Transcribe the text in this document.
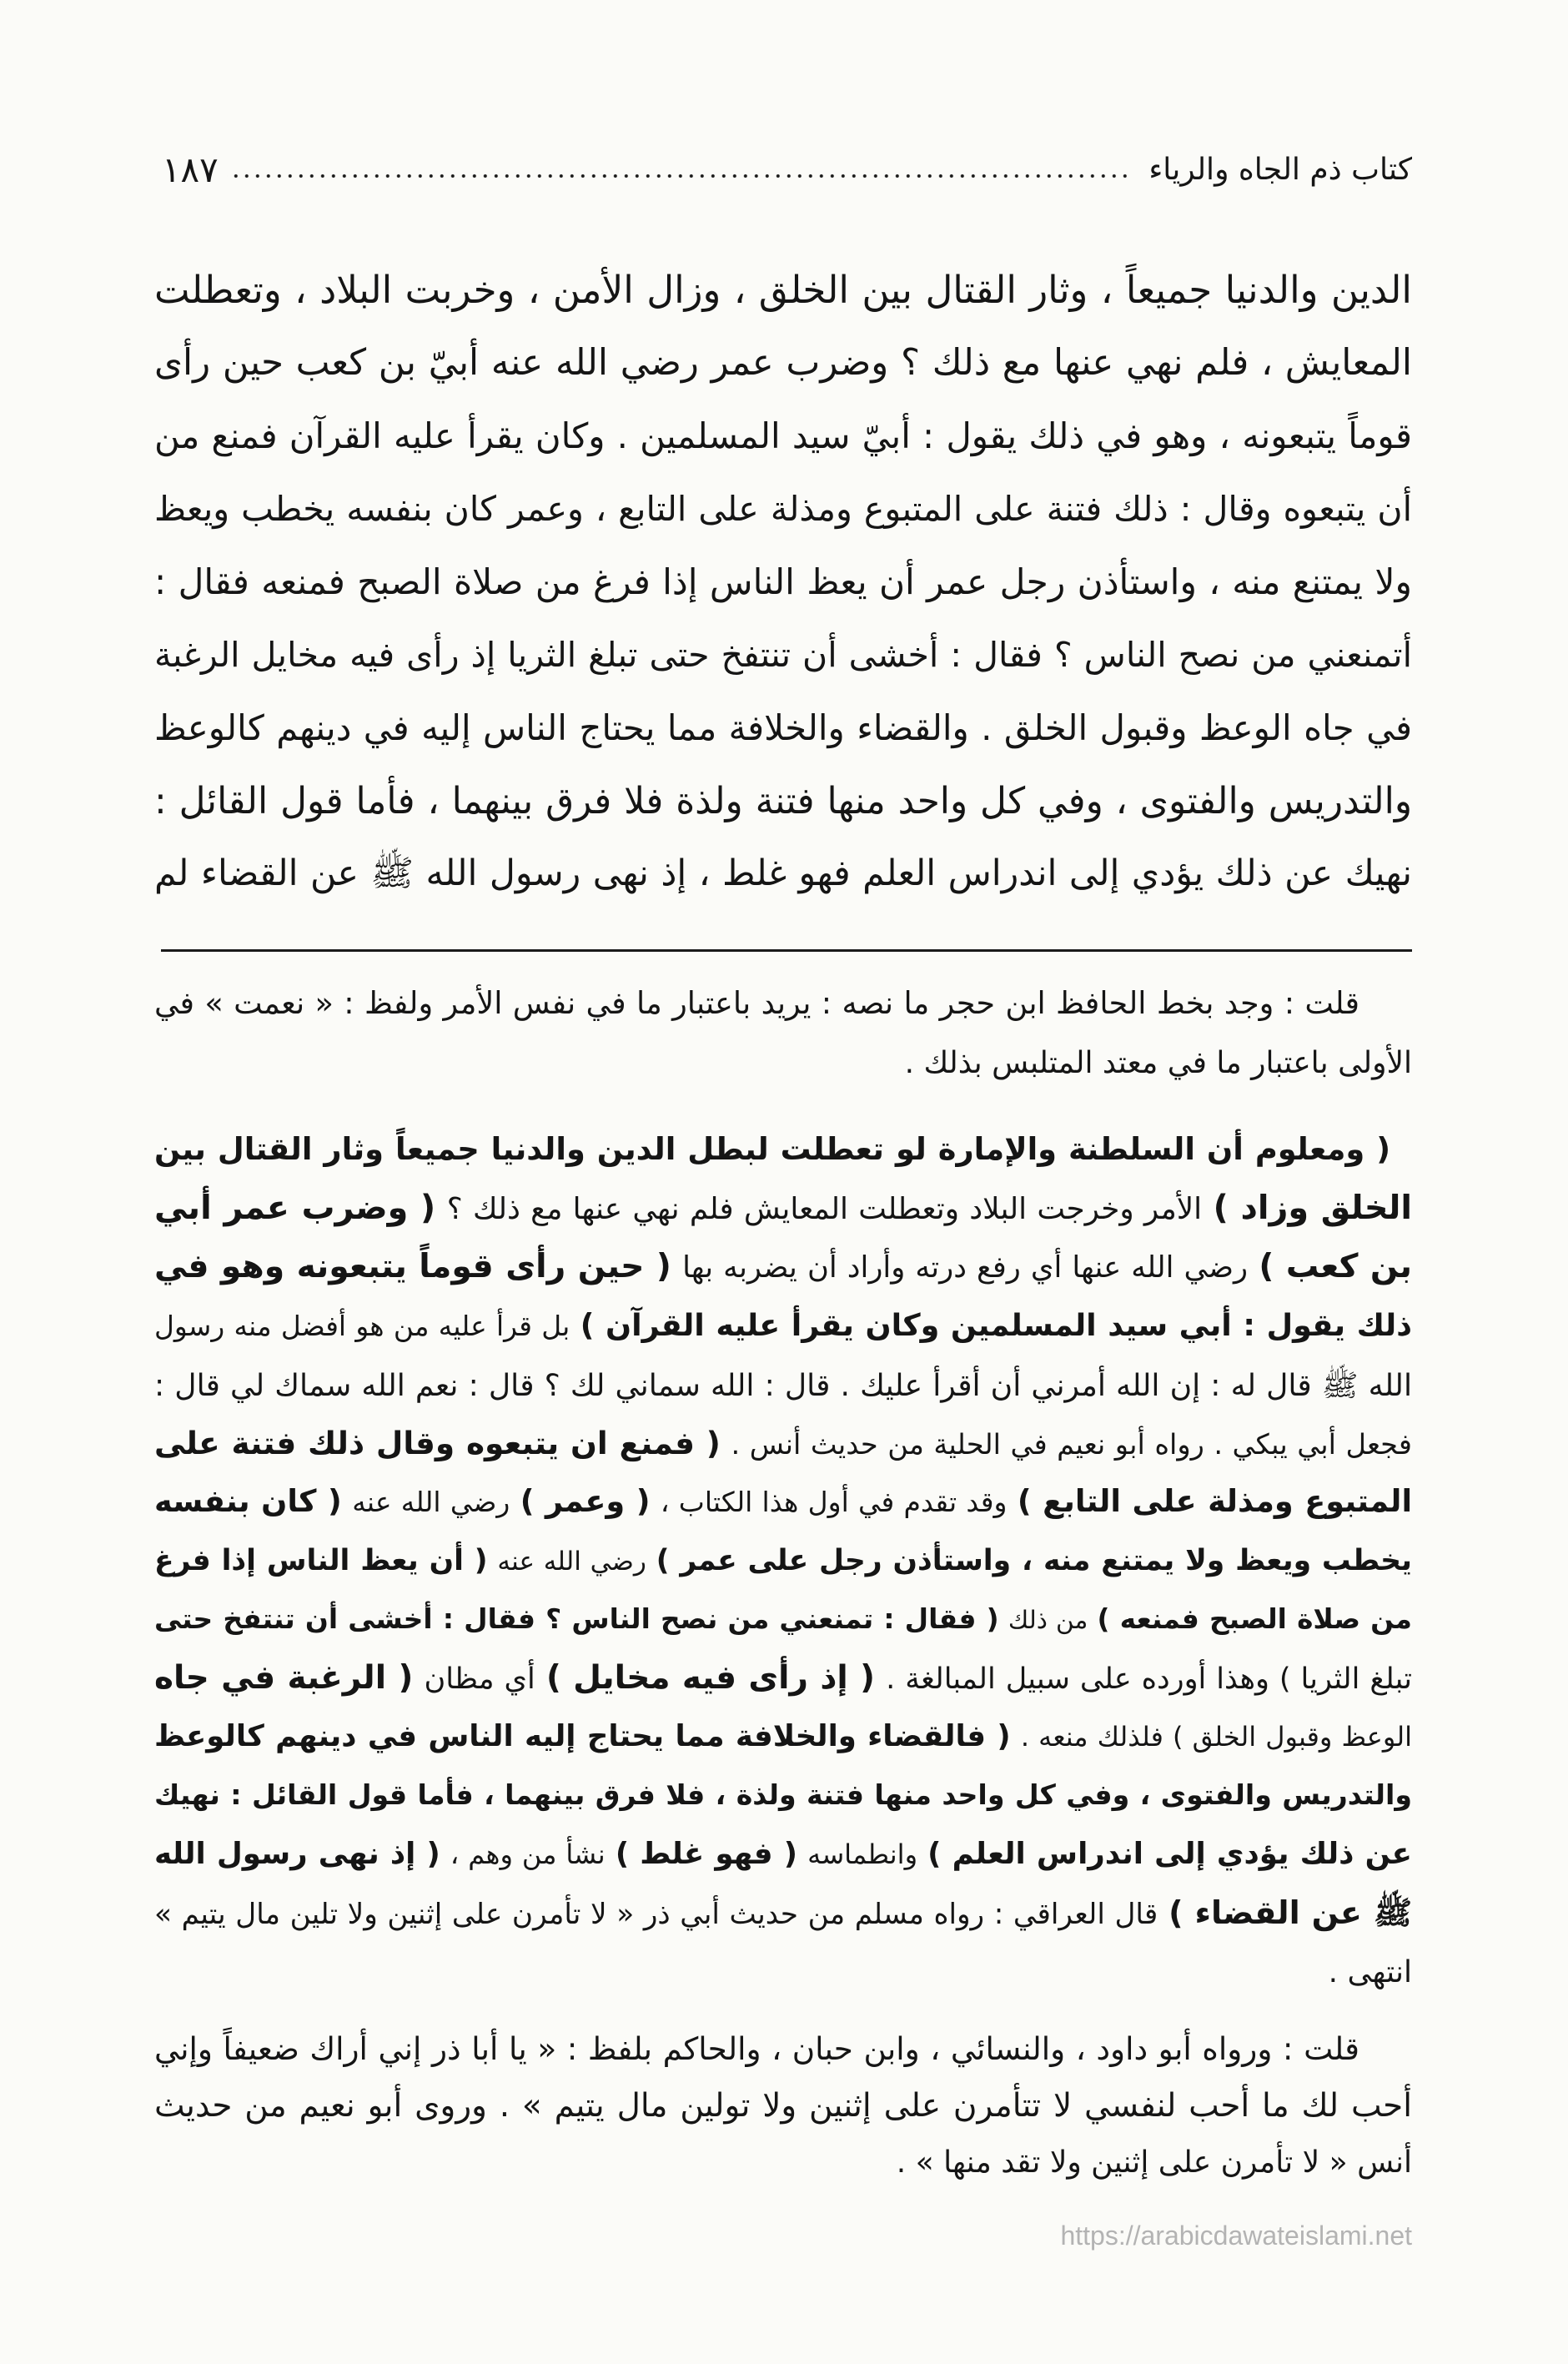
كتاب ذم الجاه والرياء
١٨٧
الدين والدنيا جميعاً ، وثار القتال بين الخلق ، وزال الأمن ، وخربت البلاد ، وتعطلت
المعايش ، فلم نهي عنها مع ذلك ؟ وضرب عمر رضي الله عنه أبيّ بن كعب حين رأى
قوماً يتبعونه ، وهو في ذلك يقول : أبيّ سيد المسلمين . وكان يقرأ عليه القرآن فمنع من
أن يتبعوه وقال : ذلك فتنة على المتبوع ومذلة على التابع ، وعمر كان بنفسه يخطب ويعظ
ولا يمتنع منه ، واستأذن رجل عمر أن يعظ الناس إذا فرغ من صلاة الصبح فمنعه فقال :
أتمنعني من نصح الناس ؟ فقال : أخشى أن تنتفخ حتى تبلغ الثريا إذ رأى فيه مخايل الرغبة
في جاه الوعظ وقبول الخلق . والقضاء والخلافة مما يحتاج الناس إليه في دينهم كالوعظ
والتدريس والفتوى ، وفي كل واحد منها فتنة ولذة فلا فرق بينهما ، فأما قول القائل :
نهيك عن ذلك يؤدي إلى اندراس العلم فهو غلط ، إذ نهى رسول الله ﷺ عن القضاء لم
قلت : وجد بخط الحافظ ابن حجر ما نصه : يريد باعتبار ما في نفس الأمر ولفظ : « نعمت » في
الأولى باعتبار ما في معتد المتلبس بذلك .
( ومعلوم أن السلطنة والإمارة لو تعطلت لبطل الدين والدنيا جميعاً وثار القتال بين
الخلق وزاد ) الأمر وخرجت البلاد وتعطلت المعايش فلم نهي عنها مع ذلك ؟ ( وضرب عمر أبي
بن كعب ) رضي الله عنها أي رفع درته وأراد أن يضربه بها ( حين رأى قوماً يتبعونه وهو في
ذلك يقول : أبي سيد المسلمين وكان يقرأ عليه القرآن ) بل قرأ عليه من هو أفضل منه رسول
الله ﷺ قال له : إن الله أمرني أن أقرأ عليك . قال : الله سماني لك ؟ قال : نعم الله سماك لي قال :
فجعل أبي يبكي . رواه أبو نعيم في الحلية من حديث أنس . ( فمنع ان يتبعوه وقال ذلك فتنة على
المتبوع ومذلة على التابع ) وقد تقدم في أول هذا الكتاب ، ( وعمر ) رضي الله عنه ( كان بنفسه
يخطب ويعظ ولا يمتنع منه ، واستأذن رجل على عمر ) رضي الله عنه ( أن يعظ الناس إذا فرغ
من صلاة الصبح فمنعه ) من ذلك ( فقال : تمنعني من نصح الناس ؟ فقال : أخشى أن تنتفخ حتى
تبلغ الثريا ) وهذا أورده على سبيل المبالغة . ( إذ رأى فيه مخايل ) أي مظان ( الرغبة في جاه
الوعظ وقبول الخلق ) فلذلك منعه . ( فالقضاء والخلافة مما يحتاج إليه الناس في دينهم كالوعظ
والتدريس والفتوى ، وفي كل واحد منها فتنة ولذة ، فلا فرق بينهما ، فأما قول القائل : نهيك
عن ذلك يؤدي إلى اندراس العلم ) وانطماسه ( فهو غلط ) نشأ من وهم ، ( إذ نهى رسول الله
ﷺ عن القضاء ) قال العراقي : رواه مسلم من حديث أبي ذر « لا تأمرن على إثنين ولا تلين مال يتيم »
انتهى .
قلت : ورواه أبو داود ، والنسائي ، وابن حبان ، والحاكم بلفظ : « يا أبا ذر إني أراك ضعيفاً وإني
أحب لك ما أحب لنفسي لا تتأمرن على إثنين ولا تولين مال يتيم » . وروى أبو نعيم من حديث
أنس « لا تأمرن على إثنين ولا تقد منها » .
https://arabicdawateislami.net
